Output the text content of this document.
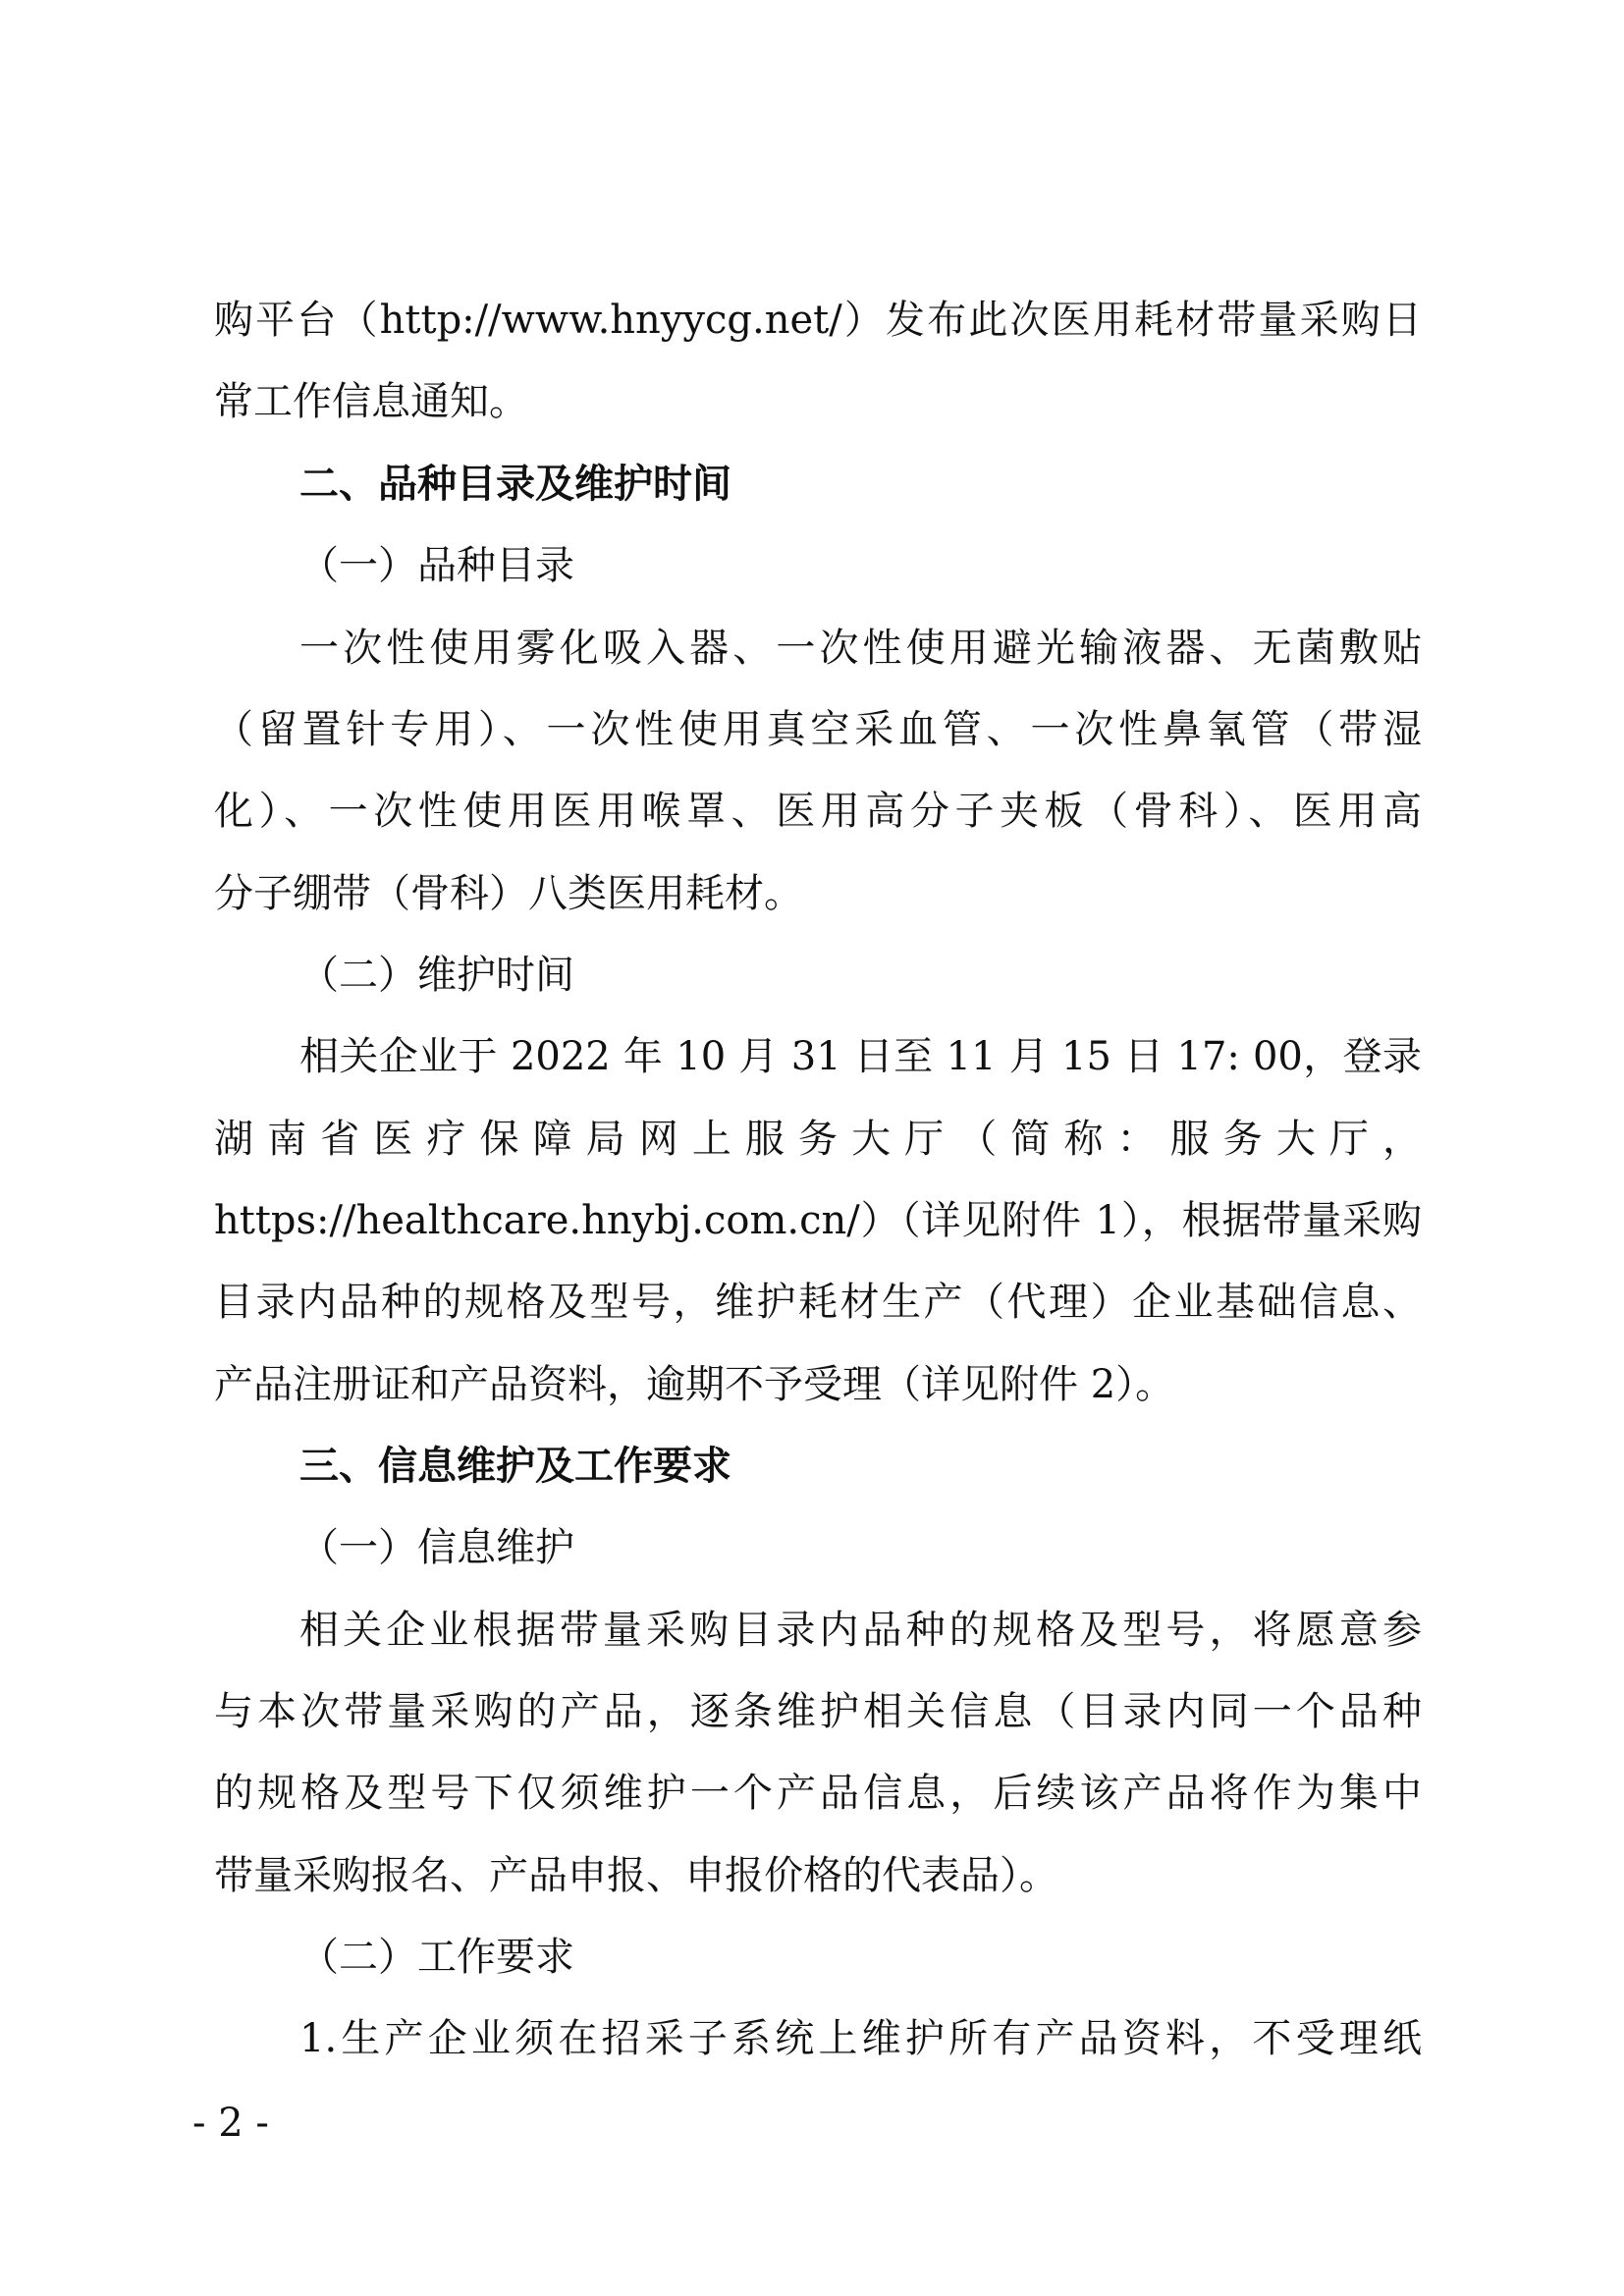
购平台（http://www.hnyycg.net/）发布此次医用耗材带量采购日
常工作信息通知。
二、品种目录及维护时间
（一）品种目录
一次性使用雾化吸入器、一次性使用避光输液器、无菌敷贴
（留置针专用）、一次性使用真空采血管、一次性鼻氧管（带湿
化）、一次性使用医用喉罩、医用高分子夹板（骨科）、医用高
分子绷带（骨科）八类医用耗材。
（二）维护时间
相关企业于 2022 年 10 月 31 日至 11 月 15 日 17: 00，登录
湖南省医疗保障局网上服务大厅（简称：服务大厅，
https://healthcare.hnybj.com.cn/）（详见附件 1），根据带量采购
目录内品种的规格及型号，维护耗材生产（代理）企业基础信息、
产品注册证和产品资料，逾期不予受理（详见附件 2）。
三、信息维护及工作要求
（一）信息维护
相关企业根据带量采购目录内品种的规格及型号，将愿意参
与本次带量采购的产品，逐条维护相关信息（目录内同一个品种
的规格及型号下仅须维护一个产品信息，后续该产品将作为集中
带量采购报名、产品申报、申报价格的代表品）。
（二）工作要求
1.生产企业须在招采子系统上维护所有产品资料，不受理纸
- 2 -
